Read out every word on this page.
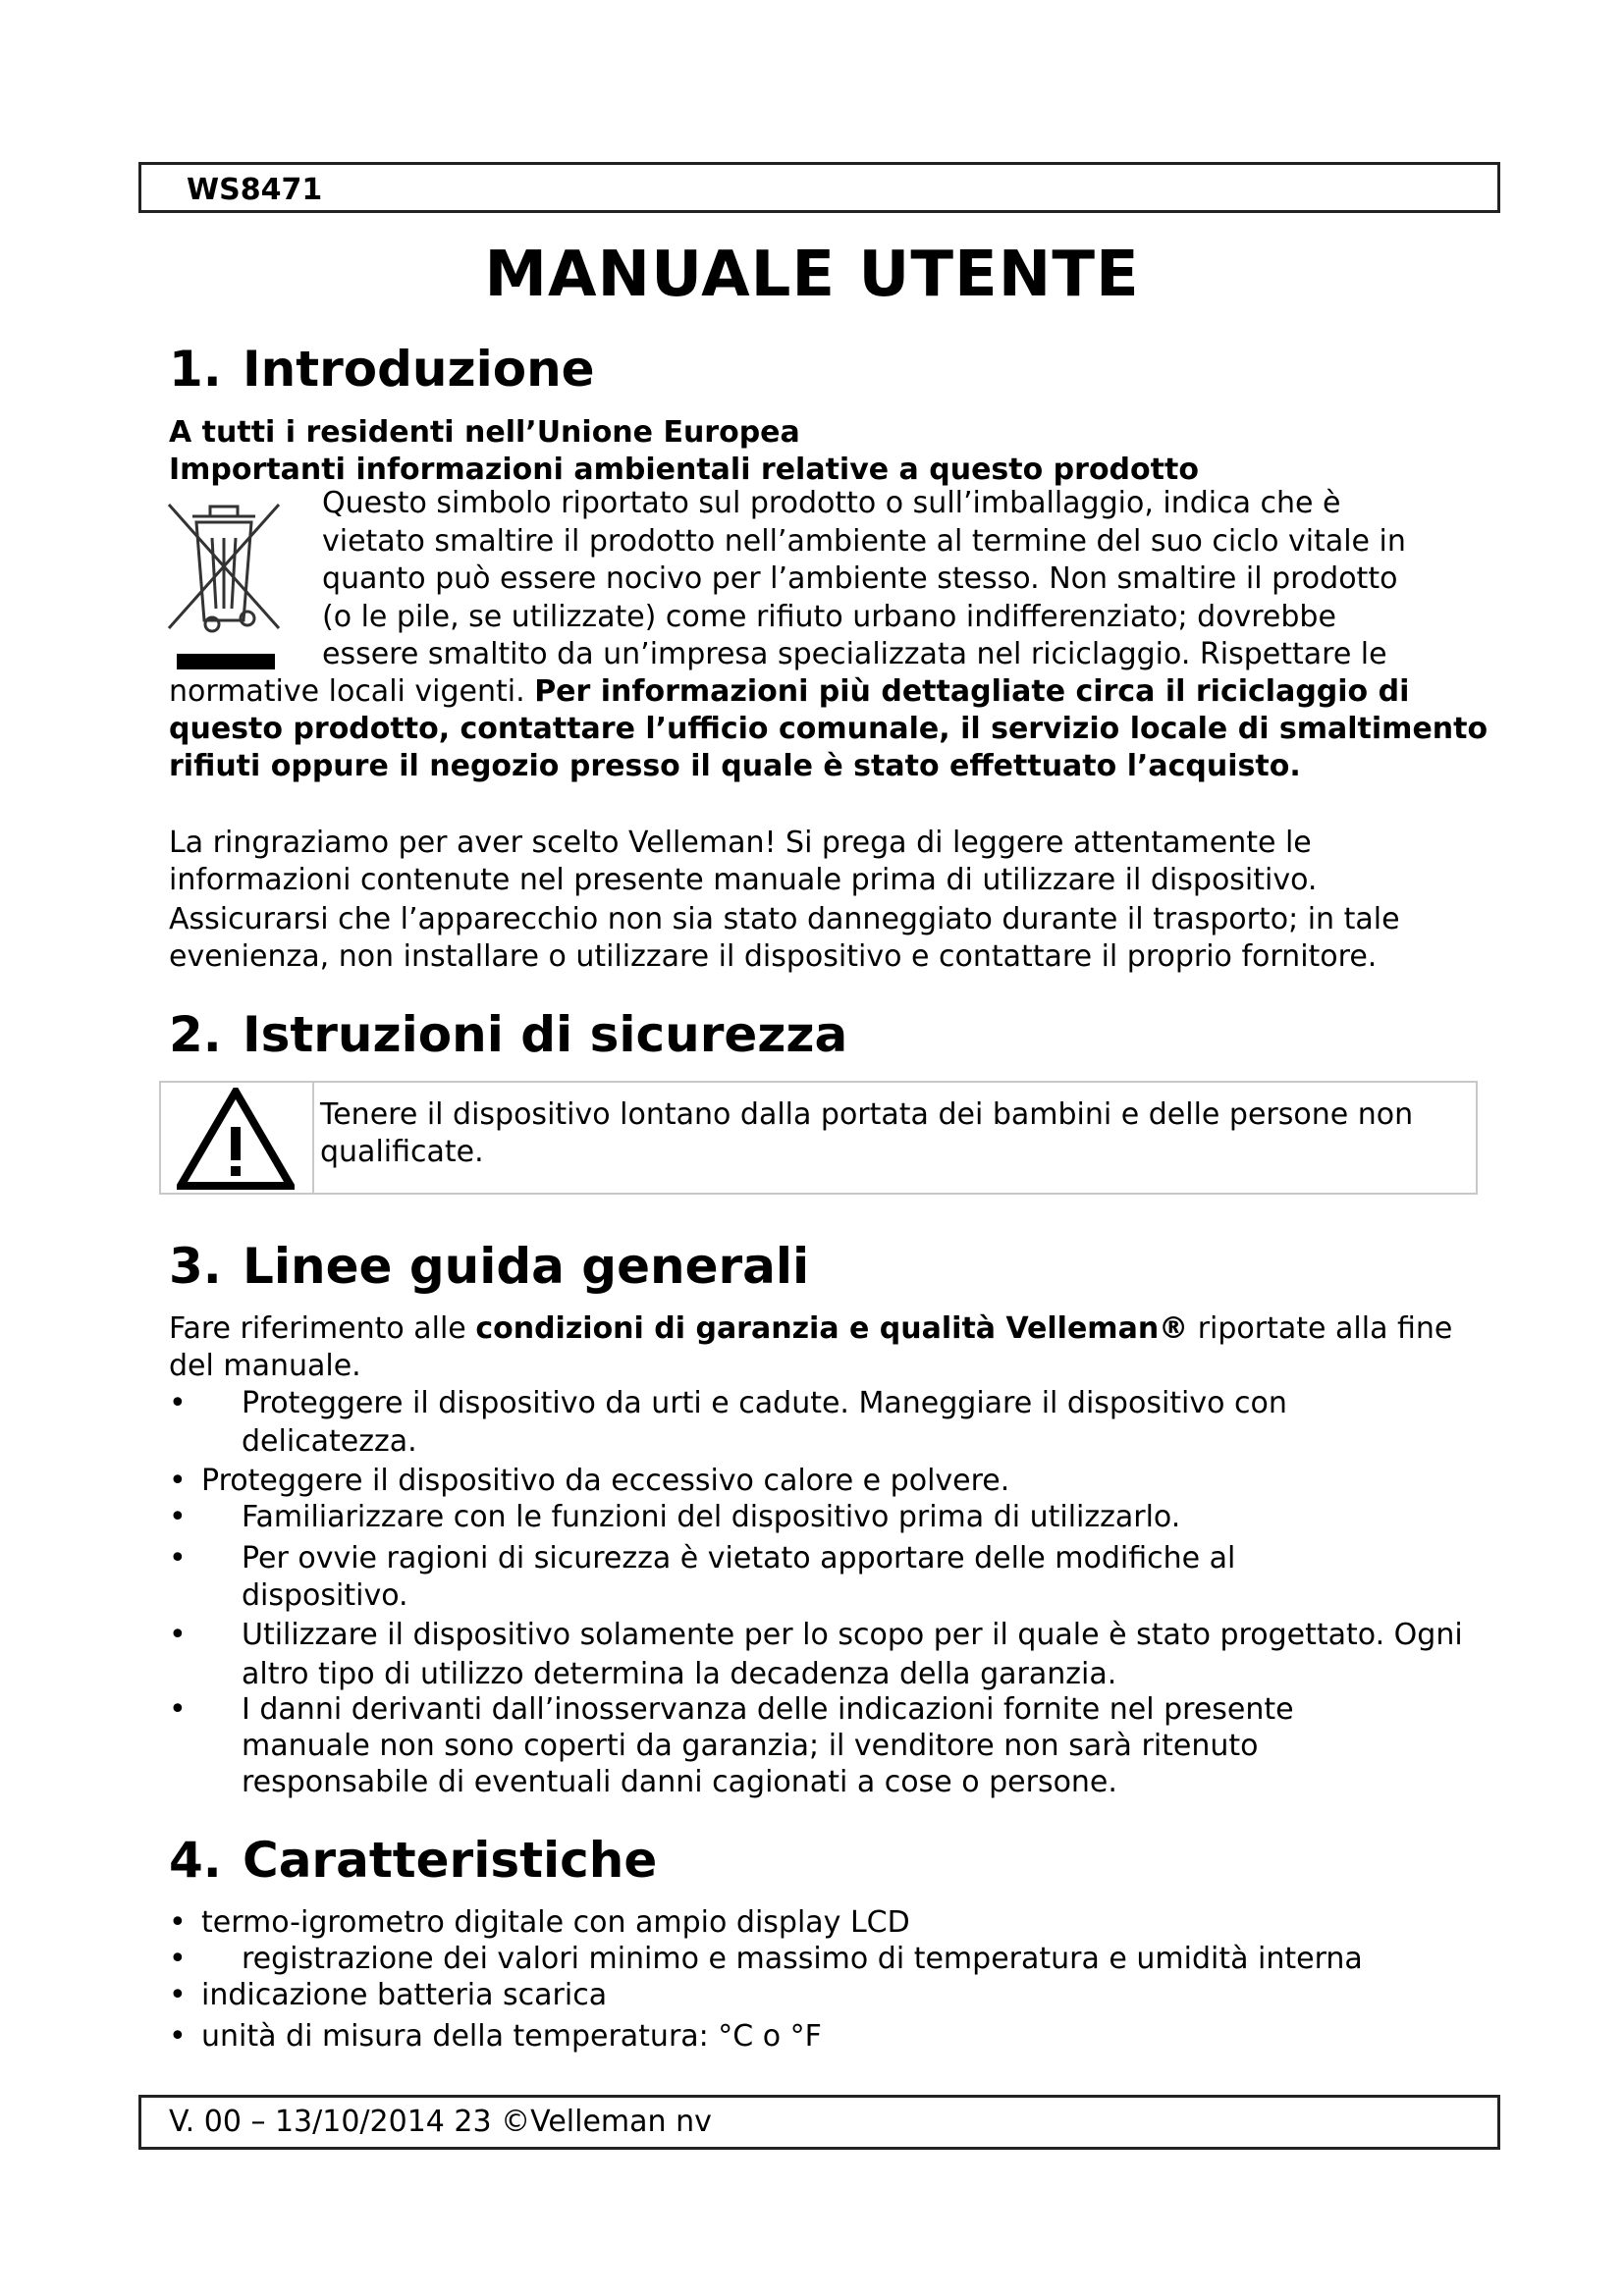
WS8471
MANUALE UTENTE
1. Introduzione
A tutti i residenti nell’Unione Europea
Importanti informazioni ambientali relative a questo prodotto
Questo simbolo riportato sul prodotto o sull’imballaggio, indica che è
vietato smaltire il prodotto nell’ambiente al termine del suo ciclo vitale in
quanto può essere nocivo per l’ambiente stesso. Non smaltire il prodotto
(o le pile, se utilizzate) come rifiuto urbano indifferenziato; dovrebbe
essere smaltito da un’impresa specializzata nel riciclaggio. Rispettare le
normative locali vigenti. Per informazioni più dettagliate circa il riciclaggio di questo prodotto, contattare l’ufficio comunale, il servizio locale di smaltimento rifiuti oppure il negozio presso il quale è stato effettuato l’acquisto.
La ringraziamo per aver scelto Velleman! Si prega di leggere attentamente le informazioni contenute nel presente manuale prima di utilizzare il dispositivo.
Assicurarsi che l’apparecchio non sia stato danneggiato durante il trasporto; in tale evenienza, non installare o utilizzare il dispositivo e contattare il proprio fornitore.
2. Istruzioni di sicurezza
Tenere il dispositivo lontano dalla portata dei bambini e delle persone non qualificate.
3. Linee guida generali
Fare riferimento alle condizioni di garanzia e qualità Velleman® riportate alla fine del manuale.
• Proteggere il dispositivo da urti e cadute. Maneggiare il dispositivo con delicatezza.
• Proteggere il dispositivo da eccessivo calore e polvere.
• Familiarizzare con le funzioni del dispositivo prima di utilizzarlo.
• Per ovvie ragioni di sicurezza è vietato apportare delle modifiche al dispositivo.
• Utilizzare il dispositivo solamente per lo scopo per il quale è stato progettato. Ogni altro tipo di utilizzo determina la decadenza della garanzia.
• I danni derivanti dall’inosservanza delle indicazioni fornite nel presente manuale non sono coperti da garanzia; il venditore non sarà ritenuto responsabile di eventuali danni cagionati a cose o persone.
4. Caratteristiche
• termo-igrometro digitale con ampio display LCD
• registrazione dei valori minimo e massimo di temperatura e umidità interna
• indicazione batteria scarica
• unità di misura della temperatura: °C o °F
V. 00 – 13/10/2014 23 ©Velleman nv
